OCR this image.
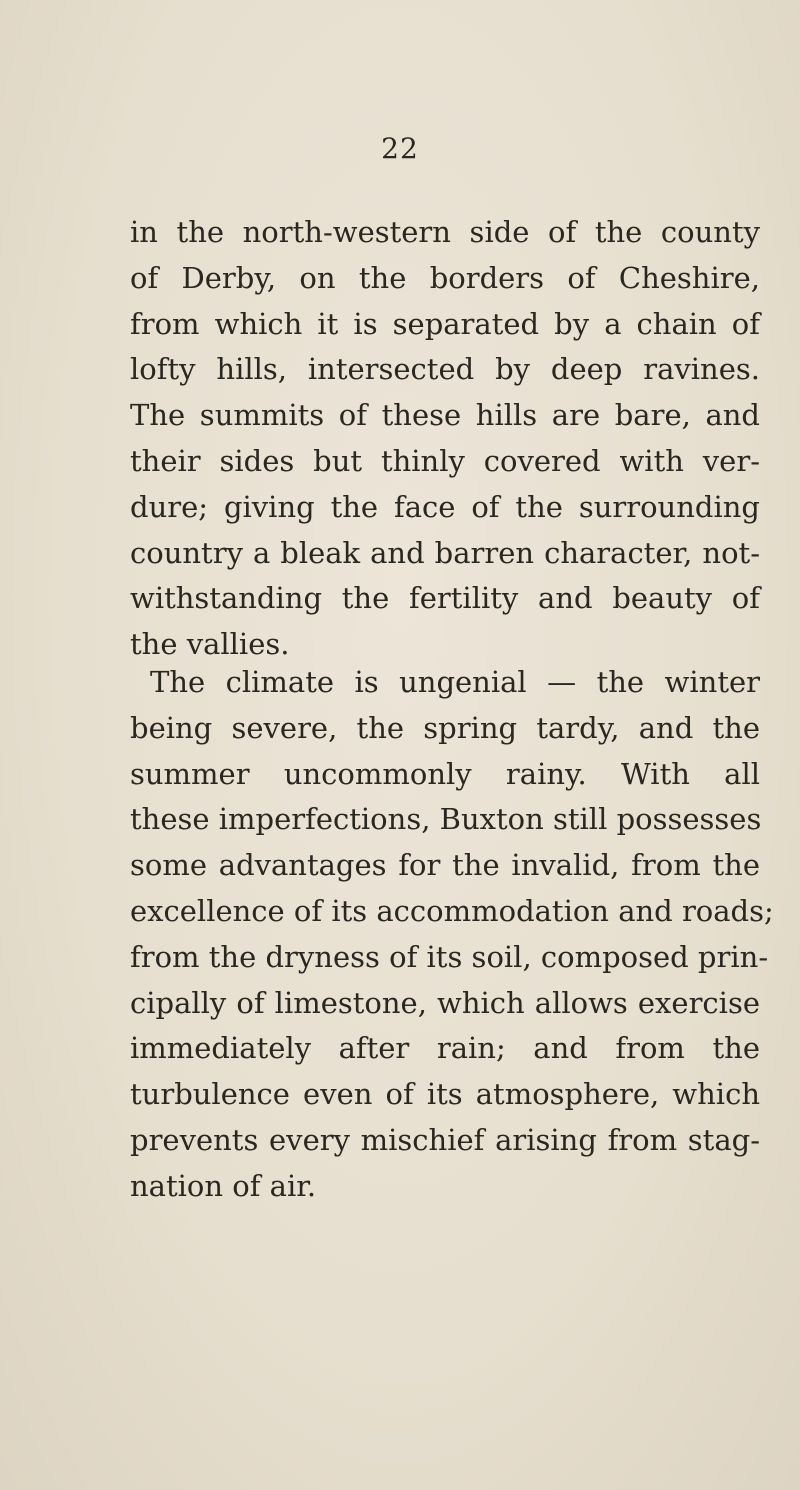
22
in the north-western side of the county
of Derby, on the borders of Cheshire,
from which it is separated by a chain of
lofty hills, intersected by deep ravines.
The summits of these hills are bare, and
their sides but thinly covered with ver-
dure; giving the face of the surrounding
country a bleak and barren character, not-
withstanding the fertility and beauty of
the vallies.
The climate is ungenial — the winter
being severe, the spring tardy, and the
summer uncommonly rainy. With all
these imperfections, Buxton still possesses
some advantages for the invalid, from the
excellence of its accommodation and roads;
from the dryness of its soil, composed prin-
cipally of limestone, which allows exercise
immediately after rain; and from the
turbulence even of its atmosphere, which
prevents every mischief arising from stag-
nation of air.
